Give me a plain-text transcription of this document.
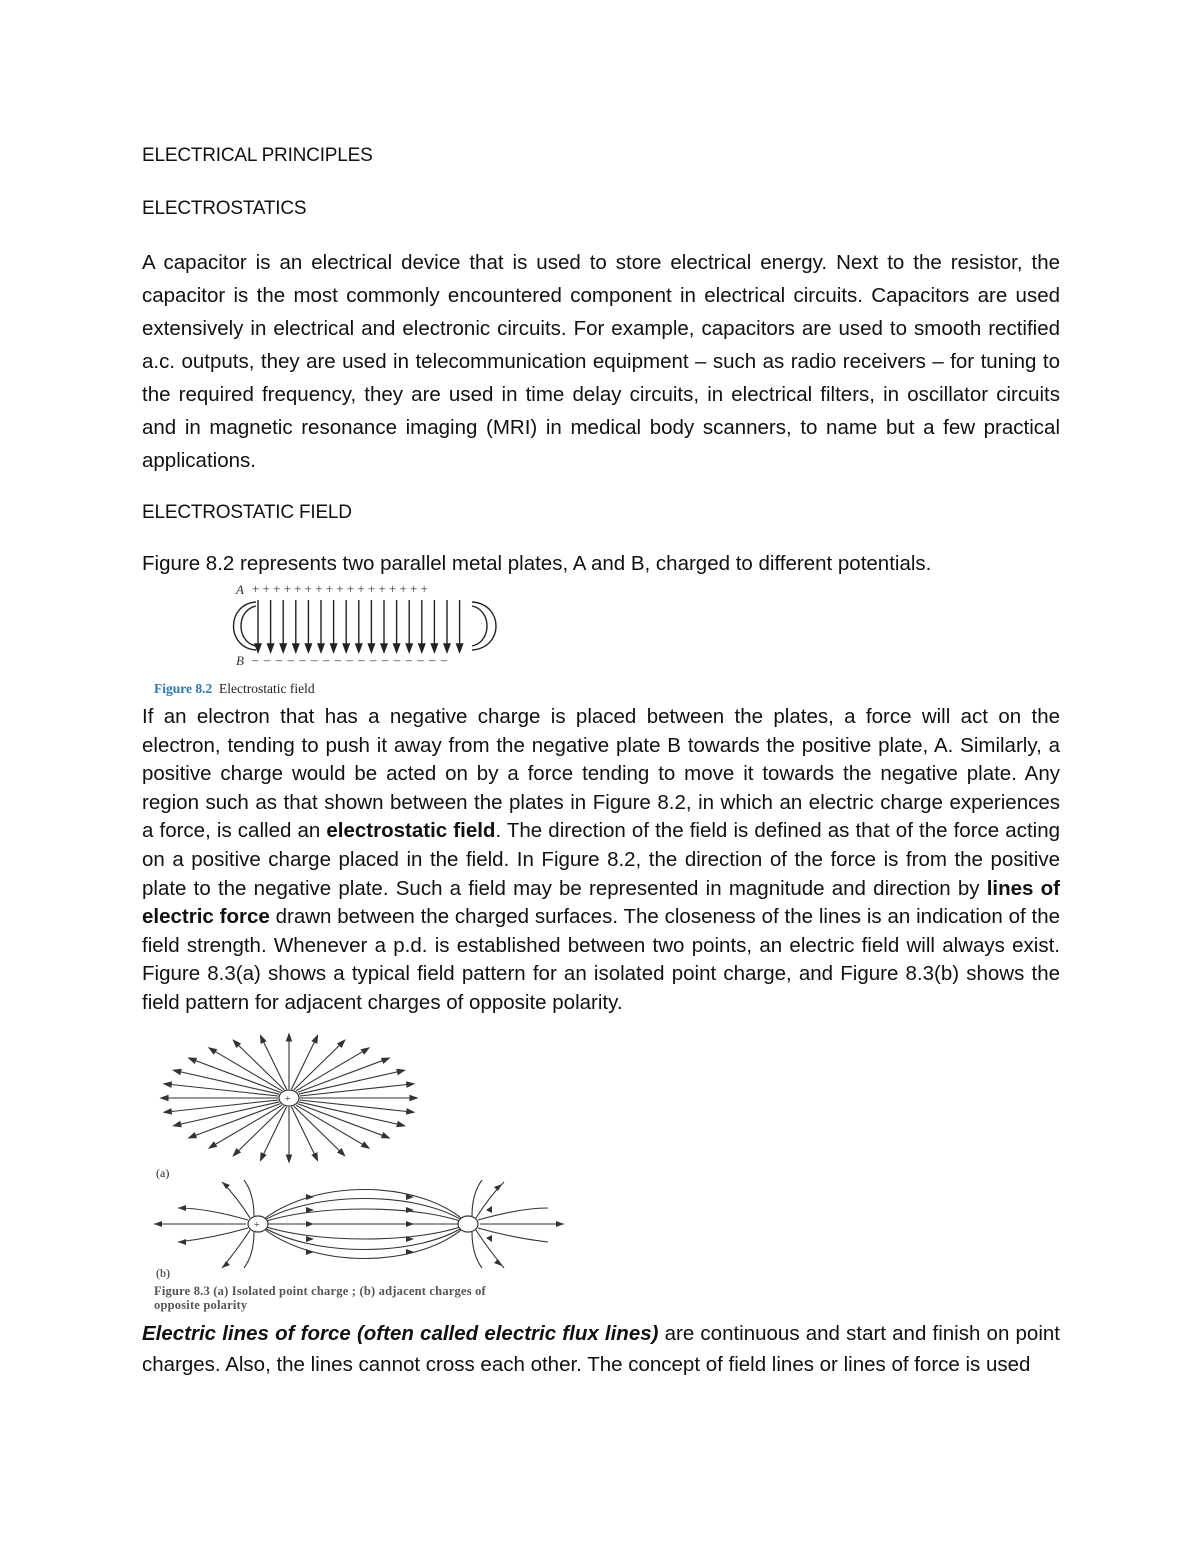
ELECTRICAL PRINCIPLES
ELECTROSTATICS
A capacitor is an electrical device that is used to store electrical energy. Next to the resistor, the capacitor is the most commonly encountered component in electrical circuits. Capacitors are used extensively in electrical and electronic circuits. For example, capacitors are used to smooth rectified a.c. outputs, they are used in telecommunication equipment – such as radio receivers – for tuning to the required frequency, they are used in time delay circuits, in electrical filters, in oscillator circuits and in magnetic resonance imaging (MRI) in medical body scanners, to name but a few practical applications.
ELECTROSTATIC FIELD
Figure 8.2 represents two parallel metal plates, A and B, charged to different potentials.
A +++++++++++++++++
B –––––––––––––––––
Figure 8.2 Electrostatic field
If an electron that has a negative charge is placed between the plates, a force will act on the electron, tending to push it away from the negative plate B towards the positive plate, A. Similarly, a positive charge would be acted on by a force tending to move it towards the negative plate. Any region such as that shown between the plates in Figure 8.2, in which an electric charge experiences a force, is called an electrostatic field. The direction of the field is defined as that of the force acting on a positive charge placed in the field. In Figure 8.2, the direction of the force is from the positive plate to the negative plate. Such a field may be represented in magnitude and direction by lines of electric force drawn between the charged surfaces. The closeness of the lines is an indication of the field strength. Whenever a p.d. is established between two points, an electric field will always exist. Figure 8.3(a) shows a typical field pattern for an isolated point charge, and Figure 8.3(b) shows the field pattern for adjacent charges of opposite polarity.
+
(a)
+
(b)
Figure 8.3 (a) Isolated point charge ; (b) adjacent charges of
opposite polarity
Electric lines of force (often called electric flux lines) are continuous and start and finish on point charges. Also, the lines cannot cross each other. The concept of field lines or lines of force is used
